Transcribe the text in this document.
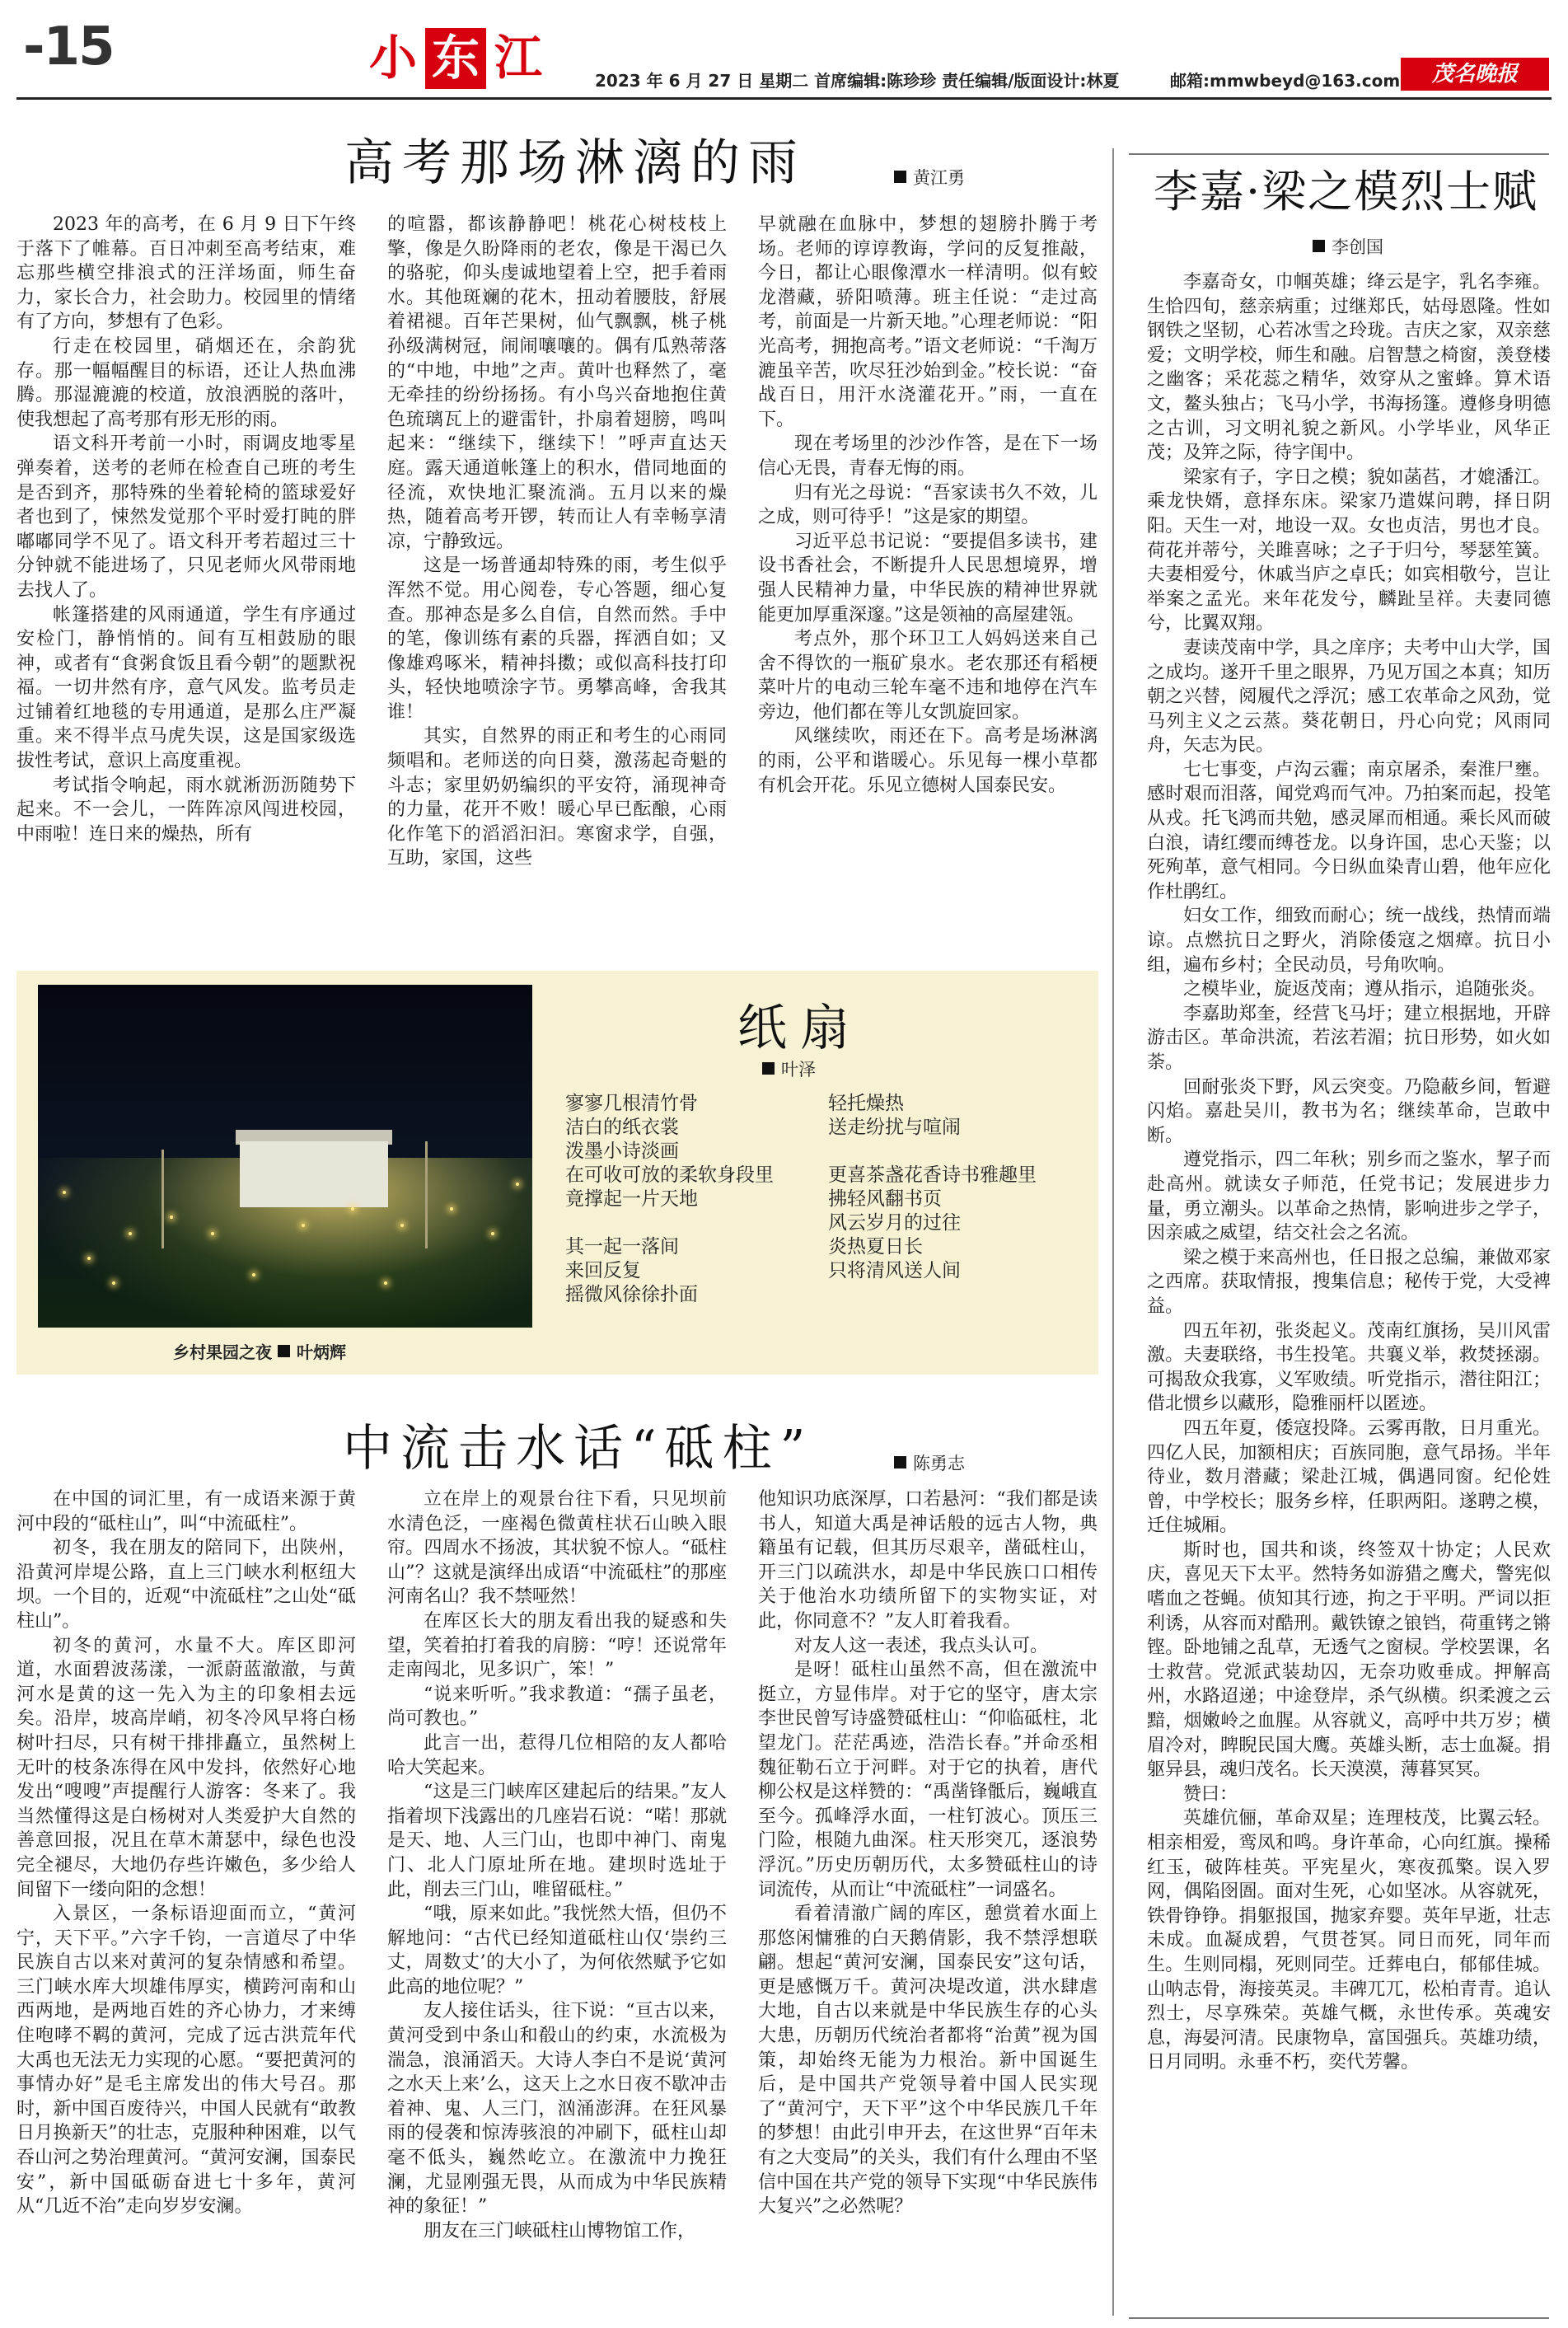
-15	小 东 江	2023 年 6 月 27 日 星期二 首席编辑:陈珍珍 责任编辑/版面设计:林夏	邮箱:mmwbeyd@163.com	茂名晚报
高考那场淋漓的雨	黄江勇

2023 年的高考，在 6 月 9 日下午终于落下了帷幕。百日冲刺至高考结束，难忘那些横空排浪式的汪洋场面，师生奋力，家长合力，社会助力。校园里的情绪有了方向，梦想有了色彩。

行走在校园里，硝烟还在，余韵犹存。那一幅幅醒目的标语，还让人热血沸腾。那湿漉漉的校道，放浪洒脱的落叶，使我想起了高考那有形无形的雨。

语文科开考前一小时，雨调皮地零星弹奏着，送考的老师在检查自己班的考生是否到齐，那特殊的坐着轮椅的篮球爱好者也到了，悚然发觉那个平时爱打盹的胖嘟嘟同学不见了。语文科开考若超过三十分钟就不能进场了，只见老师火风带雨地去找人了。

帐篷搭建的风雨通道，学生有序通过安检门，静悄悄的。间有互相鼓励的眼神，或者有“食粥食饭且看今朝”的题默祝福。一切井然有序，意气风发。监考员走过铺着红地毯的专用通道，是那么庄严凝重。来不得半点马虎失误，这是国家级选拔性考试，意识上高度重视。

考试指令响起，雨水就淅沥沥随势下起来。不一会儿，一阵阵凉风闯进校园，中雨啦！连日来的燥热，所有

的喧嚣，都该静静吧！桃花心树枝枝上擎，像是久盼降雨的老农，像是干渴已久的骆驼，仰头虔诚地望着上空，把手着雨水。其他斑斓的花木，扭动着腰肢，舒展着裙褪。百年芒果树，仙气飘飘，桃子桃孙级满树冠，闹闹嚷嚷的。偶有瓜熟蒂落的“中地，中地”之声。黄叶也释然了，毫无牵挂的纷纷扬扬。有小鸟兴奋地抱住黄色琉璃瓦上的避雷针，扑扇着翅膀，鸣叫起来：“继续下，继续下！”呼声直达天庭。露天通道帐篷上的积水，借同地面的径流，欢快地汇聚流淌。五月以来的燥热，随着高考开锣，转而让人有幸畅享清凉，宁静致远。

这是一场普通却特殊的雨，考生似乎浑然不觉。用心阅卷，专心答题，细心复查。那神态是多么自信，自然而然。手中的笔，像训练有素的兵器，挥洒自如；又像雄鸡啄米，精神抖擞；或似高科技打印头，轻快地喷涂字节。勇攀高峰，舍我其谁！

其实，自然界的雨正和考生的心雨同频唱和。老师送的向日葵，激荡起奇魁的斗志；家里奶奶编织的平安符，涌现神奇的力量，花开不败！暖心早已酝酿，心雨化作笔下的滔滔汩汩。寒窗求学，自强，互助，家国，这些

早就融在血脉中，梦想的翅膀扑腾于考场。老师的谆谆教诲，学问的反复推敲，今日，都让心眼像潭水一样清明。似有蛟龙潜藏，骄阳喷薄。班主任说：“走过高考，前面是一片新天地。”心理老师说：“阳光高考，拥抱高考。”语文老师说：“千淘万漉虽辛苦，吹尽狂沙始到金。”校长说：“奋战百日，用汗水浇灌花开。”雨，一直在下。

现在考场里的沙沙作答，是在下一场信心无畏，青春无悔的雨。

归有光之母说：“吾家读书久不效，儿之成，则可待乎！”这是家的期望。

习近平总书记说：“要提倡多读书，建设书香社会，不断提升人民思想境界，增强人民精神力量，中华民族的精神世界就能更加厚重深邃。”这是领袖的高屋建瓴。

考点外，那个环卫工人妈妈送来自己舍不得饮的一瓶矿泉水。老农那还有稻梗菜叶片的电动三轮车毫不违和地停在汽车旁边，他们都在等儿女凯旋回家。

风继续吹，雨还在下。高考是场淋漓的雨，公平和谐暖心。乐见每一棵小草都有机会开花。乐见立德树人国泰民安。

乡村果园之夜 叶炳辉
纸扇
叶泽
寥寥几根清竹骨
洁白的纸衣裳
泼墨小诗淡画
在可收可放的柔软身段里
竟撑起一片天地
其一起一落间
来回反复
摇微风徐徐扑面
轻托燥热
送走纷扰与喧闹
更喜茶盏花香诗书雅趣里
拂轻风翻书页
风云岁月的过往
炎热夏日长
只将清风送人间
中流击水话“砥柱”	陈勇志

在中国的词汇里，有一成语来源于黄河中段的“砥柱山”，叫“中流砥柱”。

初冬，我在朋友的陪同下，出陕州，沿黄河岸堤公路，直上三门峡水利枢纽大坝。一个目的，近观“中流砥柱”之山处“砥柱山”。

初冬的黄河，水量不大。库区即河道，水面碧波荡漾，一派蔚蓝澈澈，与黄河水是黄的这一先入为主的印象相去远矣。沿岸，坡高岸峭，初冬冷风早将白杨树叶扫尽，只有树干排排矗立，虽然树上无叶的枝条冻得在风中发抖，依然好心地发出“嗖嗖”声提醒行人游客：冬来了。我当然懂得这是白杨树对人类爱护大自然的善意回报，况且在草木萧瑟中，绿色也没完全褪尽，大地仍存些许嫩色，多少给人间留下一缕向阳的念想！

入景区，一条标语迎面而立，“黄河宁，天下平。”六字千钧，一言道尽了中华民族自古以来对黄河的复杂情感和希望。三门峡水库大坝雄伟厚实，横跨河南和山西两地，是两地百姓的齐心协力，才来缚住咆哮不羁的黄河，完成了远古洪荒年代大禹也无法无力实现的心愿。“要把黄河的事情办好”是毛主席发出的伟大号召。那时，新中国百废待兴，中国人民就有“敢教日月换新天”的壮志，克服种种困难，以气吞山河之势治理黄河。“黄河安澜，国泰民安”，新中国砥砺奋进七十多年，黄河从“几近不治”走向岁岁安澜。

立在岸上的观景台往下看，只见坝前水清色泛，一座褐色微黄柱状石山映入眼帘。四周水不扬波，其状貌不惊人。“砥柱山”？这就是演绎出成语“中流砥柱”的那座河南名山？我不禁哑然！

在库区长大的朋友看出我的疑惑和失望，笑着拍打着我的肩膀：“哼！还说常年走南闯北，见多识广，笨！”

“说来听听。”我求教道：“孺子虽老，尚可教也。”

此言一出，惹得几位相陪的友人都哈哈大笑起来。

“这是三门峡库区建起后的结果。”友人指着坝下浅露出的几座岩石说：“喏！那就是天、地、人三门山，也即中神门、南鬼门、北人门原址所在地。建坝时选址于此，削去三门山，唯留砥柱。”

“哦，原来如此。”我恍然大悟，但仍不解地问：“古代已经知道砥柱山仅‘崇约三丈，周数丈’的大小了，为何依然赋予它如此高的地位呢？”

友人接住话头，往下说：“亘古以来，黄河受到中条山和殽山的约束，水流极为湍急，浪涌滔天。大诗人李白不是说‘黄河之水天上来’么，这天上之水日夜不歇冲击着神、鬼、人三门，汹涌澎湃。在狂风暴雨的侵袭和惊涛骇浪的冲刷下，砥柱山却毫不低头，巍然屹立。在激流中力挽狂澜，尤显刚强无畏，从而成为中华民族精神的象征！”

朋友在三门峡砥柱山博物馆工作，

他知识功底深厚，口若悬河：“我们都是读书人，知道大禹是神话般的远古人物，典籍虽有记载，但其历尽艰辛，凿砥柱山，开三门以疏洪水，却是中华民族口口相传关于他治水功绩所留下的实物实证，对此，你同意不？”友人盯着我看。

对友人这一表述，我点头认可。

是呀！砥柱山虽然不高，但在激流中挺立，方显伟岸。对于它的坚守，唐太宗李世民曾写诗盛赞砥柱山：“仰临砥柱，北望龙门。茫茫禹迹，浩浩长春。”并命丞相魏征勒石立于河畔。对于它的执着，唐代柳公权是这样赞的：“禹凿锋骶后，巍峨直至今。孤峰浮水面，一柱钉波心。顶压三门险，根随九曲深。柱天形突兀，逐浪势浮沉。”历史历朝历代，太多赞砥柱山的诗词流传，从而让“中流砥柱”一词盛名。

看着清澈广阔的库区，憩赏着水面上那悠闲慵雅的白天鹅倩影，我不禁浮想联翩。想起“黄河安澜，国泰民安”这句话，更是感慨万千。黄河决堤改道，洪水肆虐大地，自古以来就是中华民族生存的心头大患，历朝历代统治者都将“治黄”视为国策，却始终无能为力根治。新中国诞生后，是中国共产党领导着中国人民实现了“黄河宁，天下平”这个中华民族几千年的梦想！由此引申开去，在这世界“百年未有之大变局”的关头，我们有什么理由不坚信中国在共产党的领导下实现“中华民族伟大复兴”之必然呢？

李嘉·梁之模烈士赋
李创国

李嘉奇女，巾帼英雄；绛云是字，乳名李雍。生恰四旬，慈亲病重；过继郑氏，姑母恩隆。性如钢铁之坚韧，心若冰雪之玲珑。吉庆之家，双亲慈爱；文明学校，师生和融。启智慧之椅窗，羡登楼之幽客；采花蕊之精华，效穿从之蜜蜂。算术语文，鳌头独占；飞马小学，书海扬篷。遵修身明德之古训，习文明礼貌之新风。小学毕业，风华正茂；及笄之际，待字闺中。

梁家有子，字日之模；貌如菡萏，才媲潘江。乘龙快婿，意择东床。梁家乃遣媒问聘，择日阴阳。天生一对，地设一双。女也贞洁，男也才良。荷花并蒂兮，关雎喜咏；之子于归兮，琴瑟笙簧。夫妻相爱兮，休戚当庐之卓氏；如宾相敬兮，岂让举案之孟光。来年花发兮，麟趾呈祥。夫妻同德兮，比翼双翔。

妻读茂南中学，具之庠序；夫考中山大学，国之成均。遂开千里之眼界，乃见万国之本真；知历朝之兴替，阅履代之浮沉；感工农革命之风劲，觉马列主义之云蒸。葵花朝日，丹心向党；风雨同舟，矢志为民。

七七事变，卢沟云霾；南京屠杀，秦淮尸壅。感时艰而泪落，闻党鸡而气冲。乃拍案而起，投笔从戎。托飞鸿而共勉，感灵犀而相通。乘长风而破白浪，请红缨而缚苍龙。以身许国，忠心天鉴；以死殉革，意气相同。今日纵血染青山碧，他年应化作杜鹃红。

妇女工作，细致而耐心；统一战线，热情而端谅。点燃抗日之野火，消除倭寇之烟瘴。抗日小组，遍布乡村；全民动员，号角吹响。

之模毕业，旋返茂南；遵从指示，追随张炎。

李嘉助郑奎，经营飞马圩；建立根据地，开辟游击区。革命洪流，若泫若湄；抗日形势，如火如荼。

回耐张炎下野，风云突变。乃隐蔽乡间，暂避闪焰。嘉赴吴川，教书为名；继续革命，岂敢中断。

遵党指示，四二年秋；别乡而之鉴水，挈子而赴高州。就读女子师范，任党书记；发展进步力量，勇立潮头。以革命之热情，影响进步之学子，因亲戚之威望，结交社会之名流。

梁之模于来高州也，任日报之总编，兼做邓家之西席。获取情报，搜集信息；秘传于党，大受裨益。

四五年初，张炎起义。茂南红旗扬，吴川风雷激。夫妻联络，书生投笔。共襄义举，救焚拯溺。可揭敌众我寡，义军败绩。听党指示，潜往阳江；借北惯乡以藏形，隐雅丽杆以匿迹。

四五年夏，倭寇投降。云雾再散，日月重光。四亿人民，加额相庆；百族同胞，意气昂扬。半年待业，数月潜藏；梁赴江城，偶遇同窗。纪伦姓曾，中学校长；服务乡梓，任职两阳。遂聘之模，迁住城厢。

斯时也，国共和谈，终签双十协定；人民欢庆，喜见天下太平。然特务如游猎之鹰犬，警宪似嗜血之苍蝇。侦知其行迹，拘之于平明。严词以拒利诱，从容而对酷刑。戴铁镣之锒铛，荷重铐之锵铿。卧地铺之乱草，无透气之窗棂。学校罢课，名士救营。党派武装劫囚，无奈功败垂成。押解高州，水路迢递；中途登岸，杀气纵横。织柔渡之云黯，烟嫩岭之血腥。从容就义，高呼中共万岁；横眉冷对，睥睨民国大鹰。英雄头断，志士血凝。捐躯异县，魂归茂名。长天漠漠，薄暮冥冥。

赞曰：

英雄伉俪，革命双星；连理枝茂，比翼云轻。相亲相爱，鸾凤和鸣。身许革命，心向红旗。操稀红玉，破阵桂英。平宪星火，寒夜孤檠。误入罗网，偶陷囹圄。面对生死，心如坚冰。从容就死，铁骨铮铮。捐躯报国，抛家弃婴。英年早逝，壮志未成。血凝成碧，气贯苍冥。同日而死，同年而生。生则同榻，死则同茔。迁葬电白，郁郁佳城。山呐志骨，海接英灵。丰碑兀兀，松柏青青。追认烈士，尽享殊荣。英雄气概，永世传承。英魂安息，海晏河清。民康物阜，富国强兵。英雄功绩，日月同明。永垂不朽，奕代芳馨。
